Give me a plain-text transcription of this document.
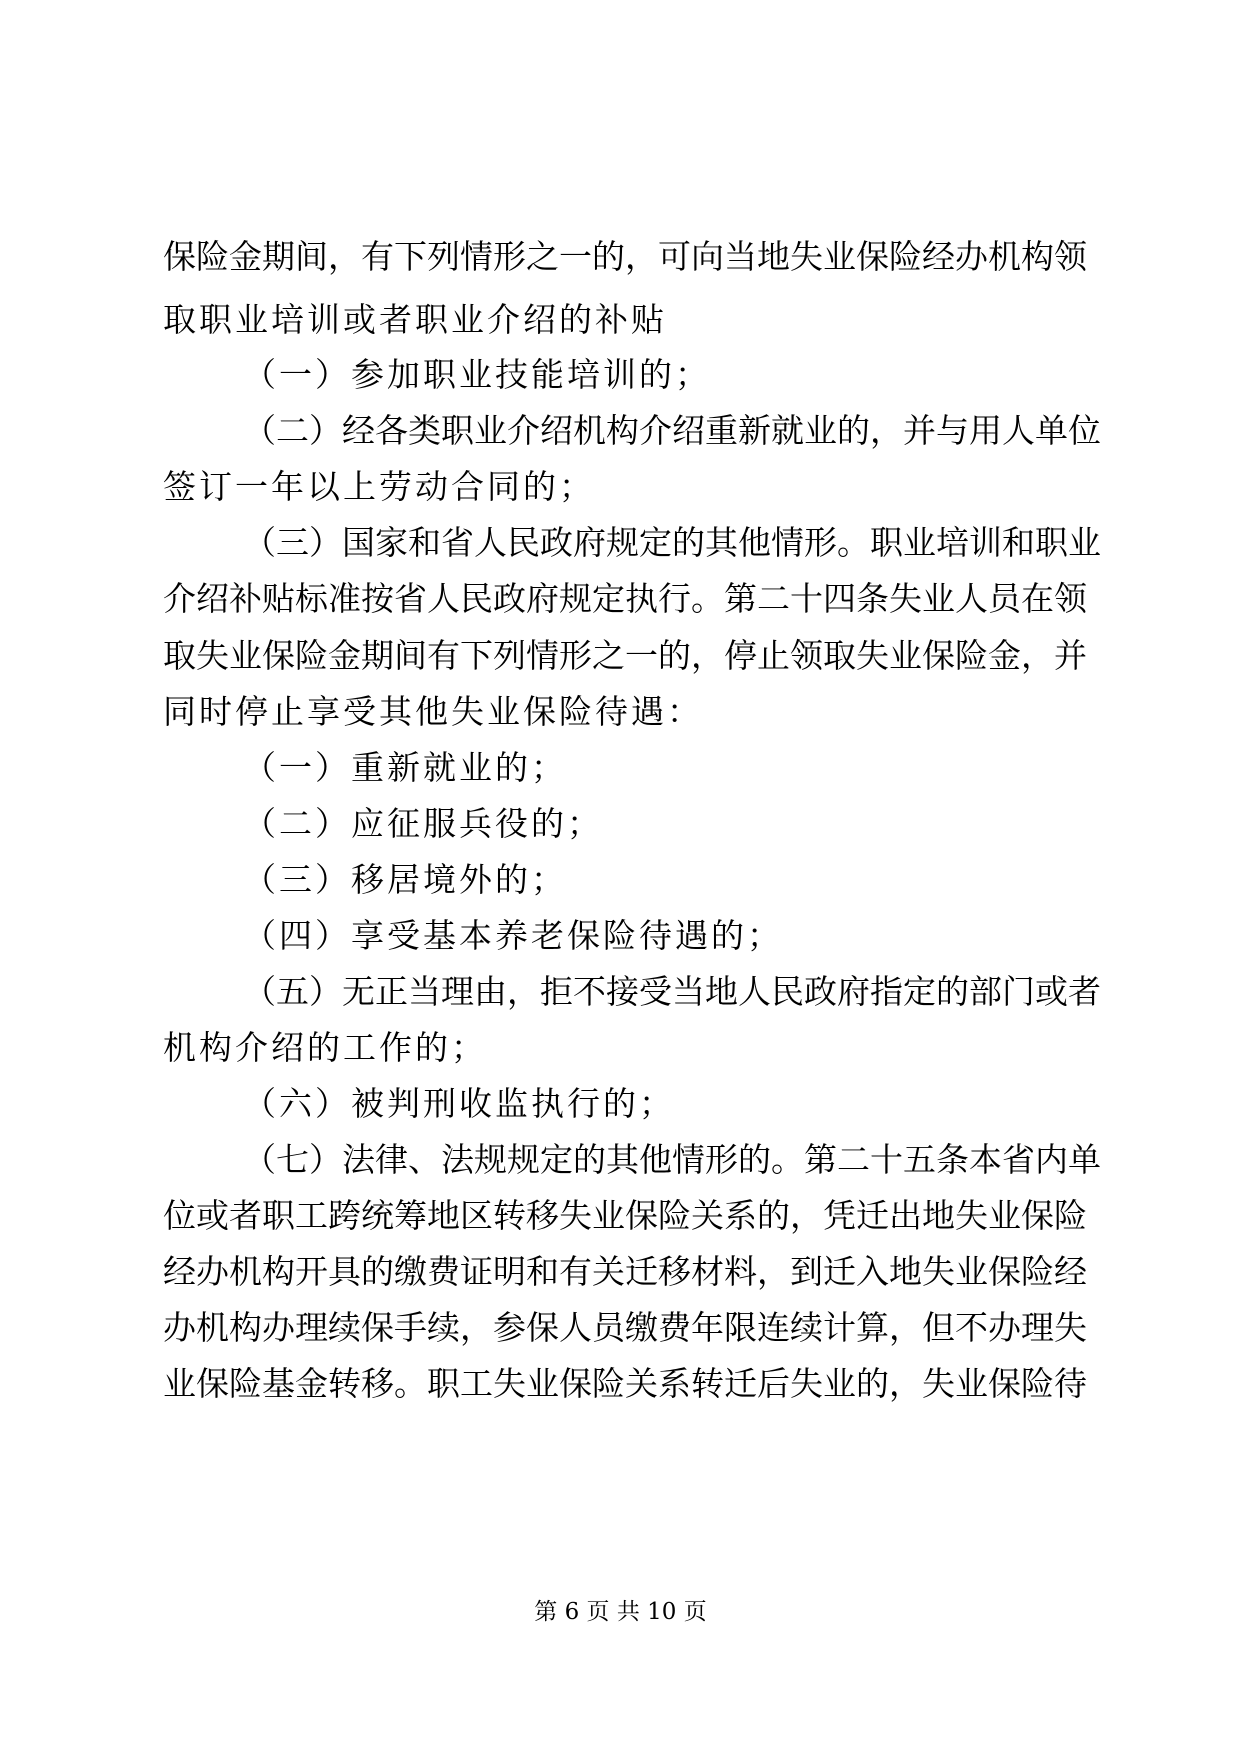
保险金期间，有下列情形之一的，可向当地失业保险经办机构领
取职业培训或者职业介绍的补贴
（一）参加职业技能培训的；
（二）经各类职业介绍机构介绍重新就业的，并与用人单位
签订一年以上劳动合同的；
（三）国家和省人民政府规定的其他情形。职业培训和职业
介绍补贴标准按省人民政府规定执行。第二十四条失业人员在领
取失业保险金期间有下列情形之一的，停止领取失业保险金，并
同时停止享受其他失业保险待遇：
（一）重新就业的；
（二）应征服兵役的；
（三）移居境外的；
（四）享受基本养老保险待遇的；
（五）无正当理由，拒不接受当地人民政府指定的部门或者
机构介绍的工作的；
（六）被判刑收监执行的；
（七）法律、法规规定的其他情形的。第二十五条本省内单
位或者职工跨统筹地区转移失业保险关系的，凭迁出地失业保险
经办机构开具的缴费证明和有关迁移材料，到迁入地失业保险经
办机构办理续保手续，参保人员缴费年限连续计算，但不办理失
业保险基金转移。职工失业保险关系转迁后失业的，失业保险待
第 6 页 共 10 页
